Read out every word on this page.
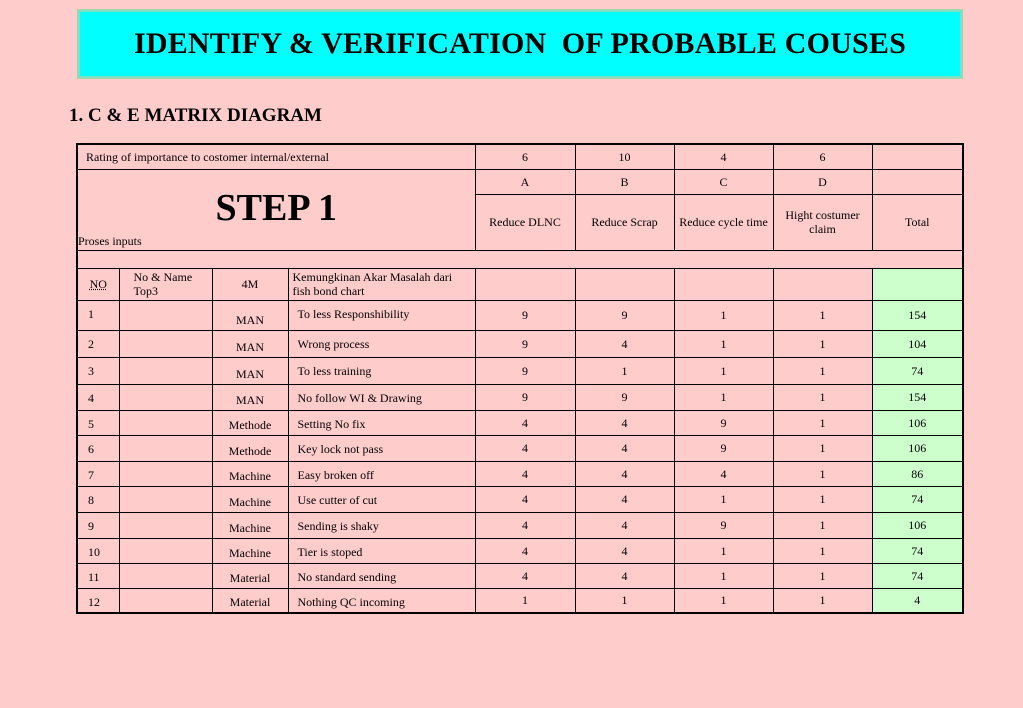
IDENTIFY & VERIFICATION  OF PROBABLE COUSES
1. C & E MATRIX DIAGRAM
Rating of importance to costomer internal/external				6	10	4	6	

STEP 1
Proses inputs				A	B	C	D	
				Reduce DLNC	Reduce Scrap	Reduce cycle time	Hight costumer claim	Total

NO	No & Name Top3	4M	Kemungkinan Akar Masalah dari fish bond chart					
1		MAN	To less Responshibility	9	9	1	1	154
2		MAN	Wrong process	9	4	1	1	104
3		MAN	To less training	9	1	1	1	74
4		MAN	No follow WI & Drawing	9	9	1	1	154
5		Methode	Setting No fix	4	4	9	1	106
6		Methode	Key lock not pass	4	4	9	1	106
7		Machine	Easy broken off	4	4	4	1	86
8		Machine	Use cutter of cut	4	4	1	1	74
9		Machine	Sending is shaky	4	4	9	1	106
10		Machine	Tier is stoped	4	4	1	1	74
11		Material	No standard sending	4	4	1	1	74
12		Material	Nothing QC incoming	1	1	1	1	4
